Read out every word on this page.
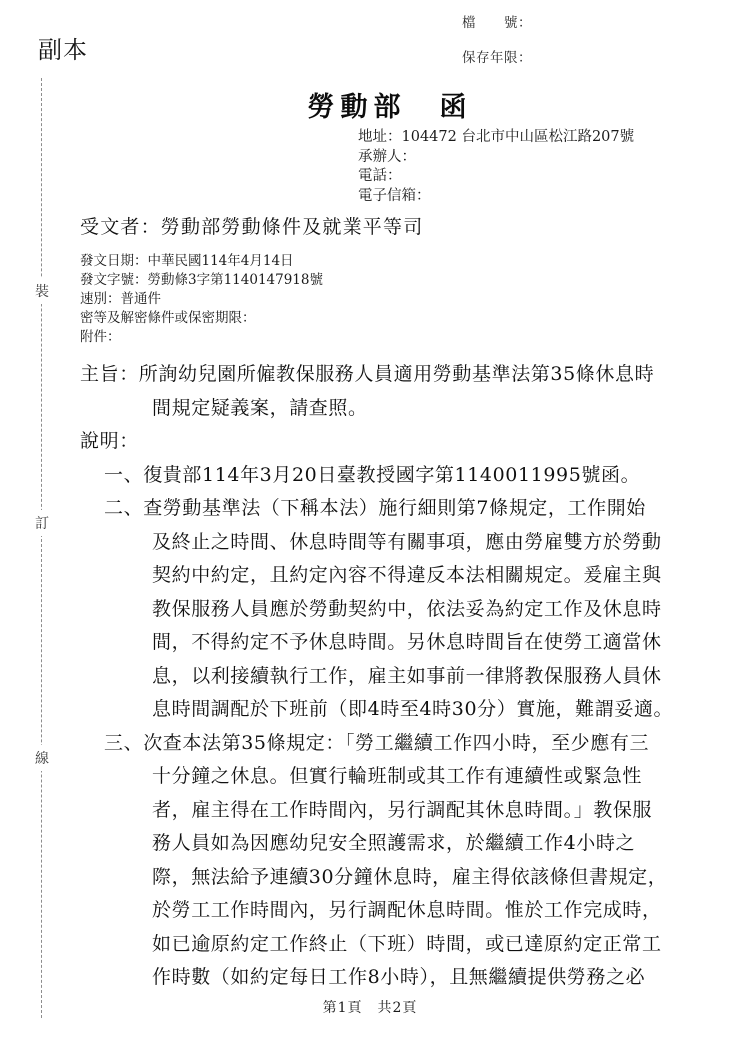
副本
檔　　號：
保存年限：
裝
訂
線
勞動部　函
地址：104472 台北市中山區松江路207號
承辦人：
電話：
電子信箱：
受文者：勞動部勞動條件及就業平等司
發文日期：中華民國114年4月14日
發文字號：勞動條3字第1140147918號
速別：普通件
密等及解密條件或保密期限：
附件：
主旨：所詢幼兒園所僱教保服務人員適用勞動基準法第35條休息時
間規定疑義案，請查照。
說明：
一、復貴部114年3月20日臺教授國字第1140011995號函。
二、查勞動基準法（下稱本法）施行細則第7條規定，工作開始
及終止之時間、休息時間等有關事項，應由勞雇雙方於勞動
契約中約定，且約定內容不得違反本法相關規定。爰雇主與
教保服務人員應於勞動契約中，依法妥為約定工作及休息時
間，不得約定不予休息時間。另休息時間旨在使勞工適當休
息，以利接續執行工作，雇主如事前一律將教保服務人員休
息時間調配於下班前（即4時至4時30分）實施，難謂妥適。
三、次查本法第35條規定：「勞工繼續工作四小時，至少應有三
十分鐘之休息。但實行輪班制或其工作有連續性或緊急性
者，雇主得在工作時間內，另行調配其休息時間。」教保服
務人員如為因應幼兒安全照護需求，於繼續工作4小時之
際，無法給予連續30分鐘休息時，雇主得依該條但書規定，
於勞工工作時間內，另行調配休息時間。惟於工作完成時，
如已逾原約定工作終止（下班）時間，或已達原約定正常工
作時數（如約定每日工作8小時），且無繼續提供勞務之必
第1頁　共2頁
